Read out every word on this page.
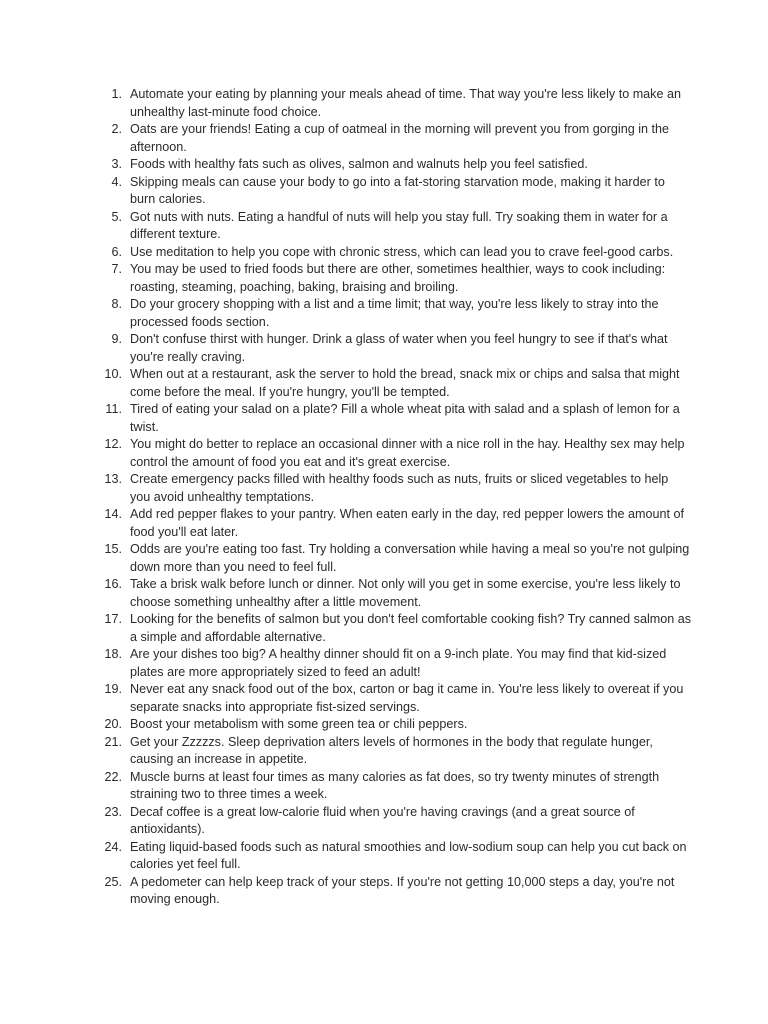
1 . Automate your eating by planning your meals ahead of time. That way you're less likely to make an unhealthy last-minute food choice.
2 . Oats are your friends! Eating a cup of oatmeal in the morning will prevent you from gorging in the afternoon.
3 . Foods with healthy fats such as olives, salmon and walnuts help you feel satisfied.
4 . Skipping meals can cause your body to go into a fat-storing starvation mode, making it harder to burn calories.
5 . Got nuts with nuts. Eating a handful of nuts will help you stay full. Try soaking them in water for a different texture.
6 . Use meditation to help you cope with chronic stress, which can lead you to crave feel-good carbs.
7 . You may be used to fried foods but there are other, sometimes healthier, ways to cook including: roasting, steaming, poaching, baking, braising and broiling.
8 . Do your grocery shopping with a list and a time limit; that way, you're less likely to stray into the processed foods section.
9 . Don't confuse thirst with hunger. Drink a glass of water when you feel hungry to see if that's what you're really craving.
10 . When out at a restaurant, ask the server to hold the bread, snack mix or chips and salsa that might come before the meal. If you're hungry, you'll be tempted.
11 . Tired of eating your salad on a plate? Fill a whole wheat pita with salad and a splash of lemon for a twist.
12 . You might do better to replace an occasional dinner with a nice roll in the hay. Healthy sex may help control the amount of food you eat and it's great exercise.
13 . Create emergency packs filled with healthy foods such as nuts, fruits or sliced vegetables to help you avoid unhealthy temptations.
14 . Add red pepper flakes to your pantry. When eaten early in the day, red pepper lowers the amount of food you'll eat later.
15 . Odds are you're eating too fast. Try holding a conversation while having a meal so you're not gulping down more than you need to feel full.
16 . Take a brisk walk before lunch or dinner. Not only will you get in some exercise, you're less likely to choose something unhealthy after a little movement.
17 . Looking for the benefits of salmon but you don't feel comfortable cooking fish? Try canned salmon as a simple and affordable alternative.
18 . Are your dishes too big? A healthy dinner should fit on a 9-inch plate. You may find that kid-sized plates are more appropriately sized to feed an adult!
19 . Never eat any snack food out of the box, carton or bag it came in. You're less likely to overeat if you separate snacks into appropriate fist-sized servings.
20 . Boost your metabolism with some green tea or chili peppers.
21 . Get your Zzzzzs. Sleep deprivation alters levels of hormones in the body that regulate hunger, causing an increase in appetite.
22 . Muscle burns at least four times as many calories as fat does, so try twenty minutes of strength straining two to three times a week.
23 . Decaf coffee is a great low-calorie fluid when you're having cravings (and a great source of antioxidants).
24 . Eating liquid-based foods such as natural smoothies and low-sodium soup can help you cut back on calories yet feel full.
25 . A pedometer can help keep track of your steps. If you're not getting 10,000 steps a day, you're not moving enough.
